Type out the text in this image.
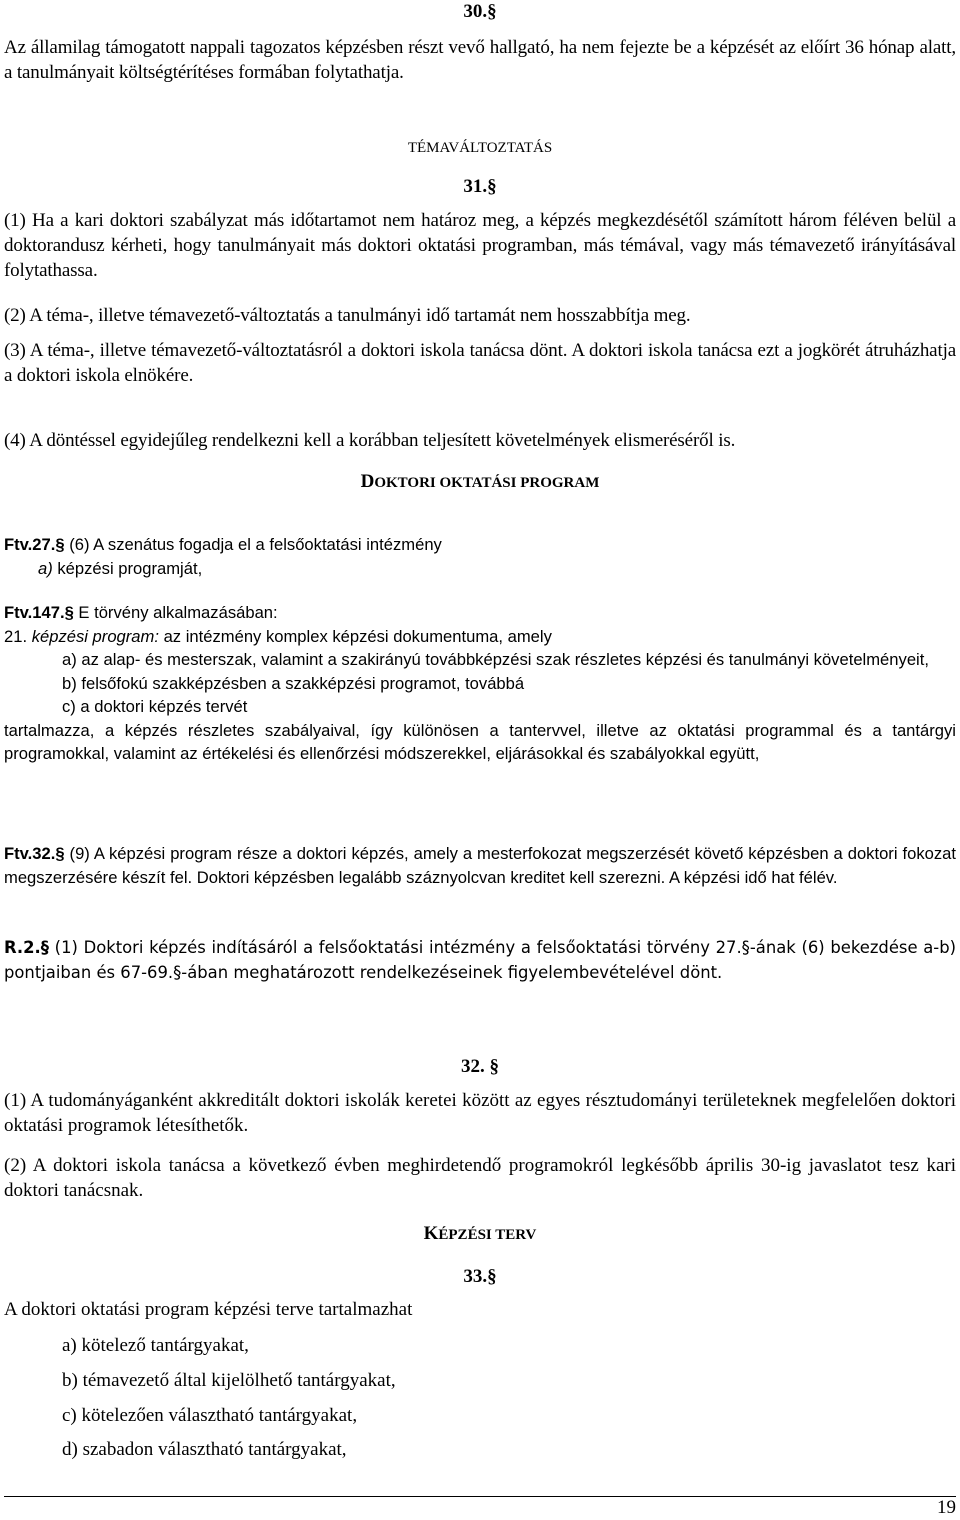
30.§

Az államilag támogatott nappali tagozatos képzésben részt vevő hallgató, ha nem fejezte be a képzését az előírt 36 hónap alatt, a tanulmányait költségtérítéses formában folytathatja.

TÉMAVÁLTOZTATÁS
31.§

(1) Ha a kari doktori szabályzat más időtartamot nem határoz meg, a képzés megkezdésétől számított három féléven belül a doktorandusz kérheti, hogy tanulmányait más doktori oktatási programban, más témával, vagy más témavezető irányításával folytathassa.

(2) A téma-, illetve témavezető-változtatás a tanulmányi idő tartamát nem hosszabbítja meg.

(3) A téma-, illetve témavezető-változtatásról a doktori iskola tanácsa dönt. A doktori iskola tanácsa ezt a jogkörét átruházhatja a doktori iskola elnökére.

(4) A döntéssel egyidejűleg rendelkezni kell a korábban teljesített követelmények elismeréséről is.

DOKTORI OKTATÁSI PROGRAM
Ftv.27.§ (6) A szenátus fogadja el a felsőoktatási intézmény
a) képzési programját,
Ftv.147.§ E törvény alkalmazásában:
21. képzési program: az intézmény komplex képzési dokumentuma, amely
a) az alap- és mesterszak, valamint a szakirányú továbbképzési szak részletes képzési és tanulmányi követelményeit,
b) felsőfokú szakképzésben a szakképzési programot, továbbá
c) a doktori képzés tervét
tartalmazza, a képzés részletes szabályaival, így különösen a tantervvel, illetve az oktatási programmal és a tantárgyi programokkal, valamint az értékelési és ellenőrzési módszerekkel, eljárásokkal és szabályokkal együtt,
Ftv.32.§ (9) A képzési program része a doktori képzés, amely a mesterfokozat megszerzését követő képzésben a doktori fokozat megszerzésére készít fel. Doktori képzésben legalább száznyolcvan kreditet kell szerezni. A képzési idő hat félév.
R.2.§ (1) Doktori képzés indításáról a felsőoktatási intézmény a felsőoktatási törvény 27.§-ának (6) bekezdése a-b) pontjaiban és 67-69.§-ában meghatározott rendelkezéseinek figyelembevételével dönt.
32. §

(1) A tudományáganként akkreditált doktori iskolák keretei között az egyes résztudományi területeknek megfelelően doktori oktatási programok létesíthetők.

(2) A doktori iskola tanácsa a következő évben meghirdetendő programokról legkésőbb április 30-ig javaslatot tesz kari doktori tanácsnak.

KÉPZÉSI TERV
33.§
A doktori oktatási program képzési terve tartalmazhat
a) kötelező tantárgyakat,
b) témavezető által kijelölhető tantárgyakat,
c) kötelezően választható tantárgyakat,
d) szabadon választható tantárgyakat,
19
